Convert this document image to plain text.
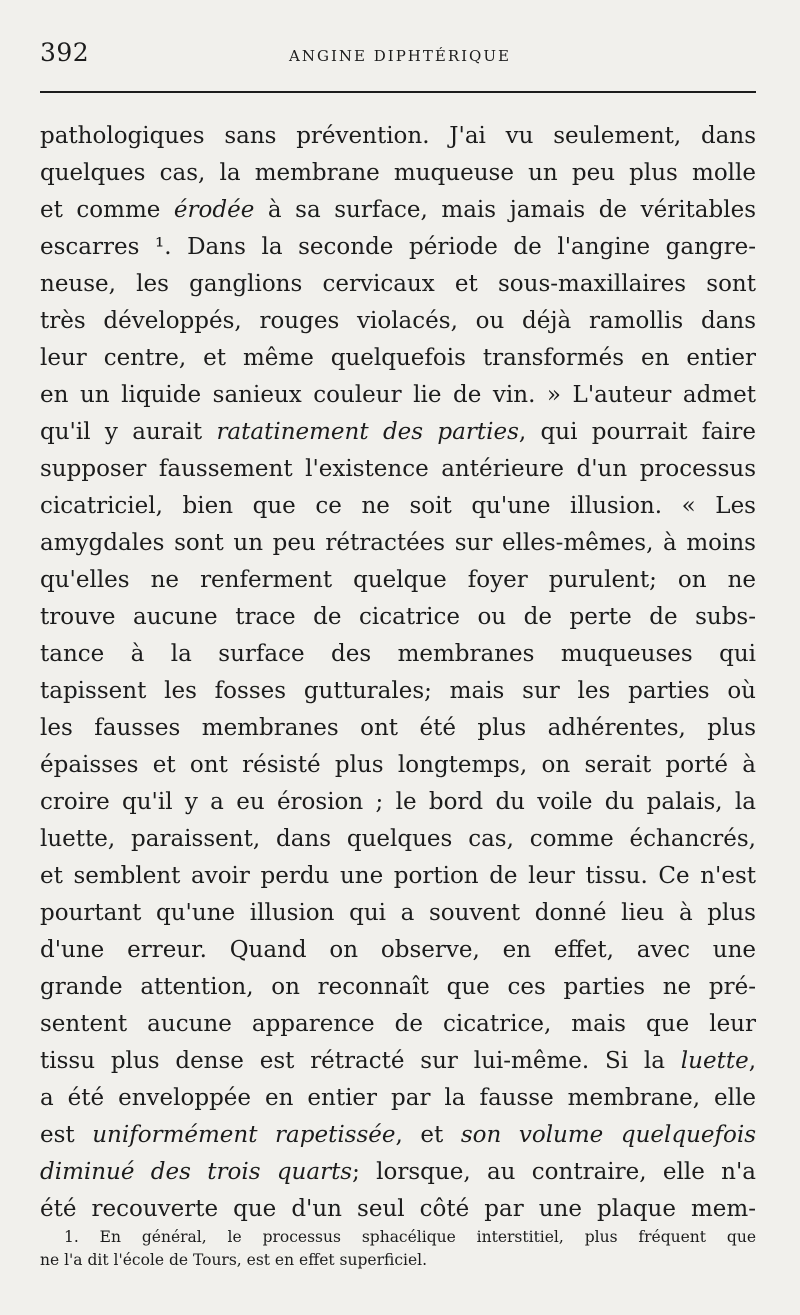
392	ANGINE DIPHTÉRIQUE
pathologiques sans prévention. J'ai vu seulement, dans
quelques cas, la membrane muqueuse un peu plus molle
et comme érodée à sa surface, mais jamais de véritables
escarres ¹. Dans la seconde période de l'angine gangre-
neuse, les ganglions cervicaux et sous-maxillaires sont
très développés, rouges violacés, ou déjà ramollis dans
leur centre, et même quelquefois transformés en entier
en un liquide sanieux couleur lie de vin. » L'auteur admet
qu'il y aurait ratatinement des parties, qui pourrait faire
supposer faussement l'existence antérieure d'un processus
cicatriciel, bien que ce ne soit qu'une illusion. « Les
amygdales sont un peu rétractées sur elles-mêmes, à moins
qu'elles ne renferment quelque foyer purulent; on ne
trouve aucune trace de cicatrice ou de perte de subs-
tance à la surface des membranes muqueuses qui
tapissent les fosses gutturales; mais sur les parties où
les fausses membranes ont été plus adhérentes, plus
épaisses et ont résisté plus longtemps, on serait porté à
croire qu'il y a eu érosion ; le bord du voile du palais, la
luette, paraissent, dans quelques cas, comme échancrés,
et semblent avoir perdu une portion de leur tissu. Ce n'est
pourtant qu'une illusion qui a souvent donné lieu à plus
d'une erreur. Quand on observe, en effet, avec une
grande attention, on reconnaît que ces parties ne pré-
sentent aucune apparence de cicatrice, mais que leur
tissu plus dense est rétracté sur lui-même. Si la luette,
a été enveloppée en entier par la fausse membrane, elle
est uniformément rapetissée, et son volume quelquefois
diminué des trois quarts; lorsque, au contraire, elle n'a
été recouverte que d'un seul côté par une plaque mem-
1. En général, le processus sphacélique interstitiel, plus fréquent que
ne l'a dit l'école de Tours, est en effet superficiel.
